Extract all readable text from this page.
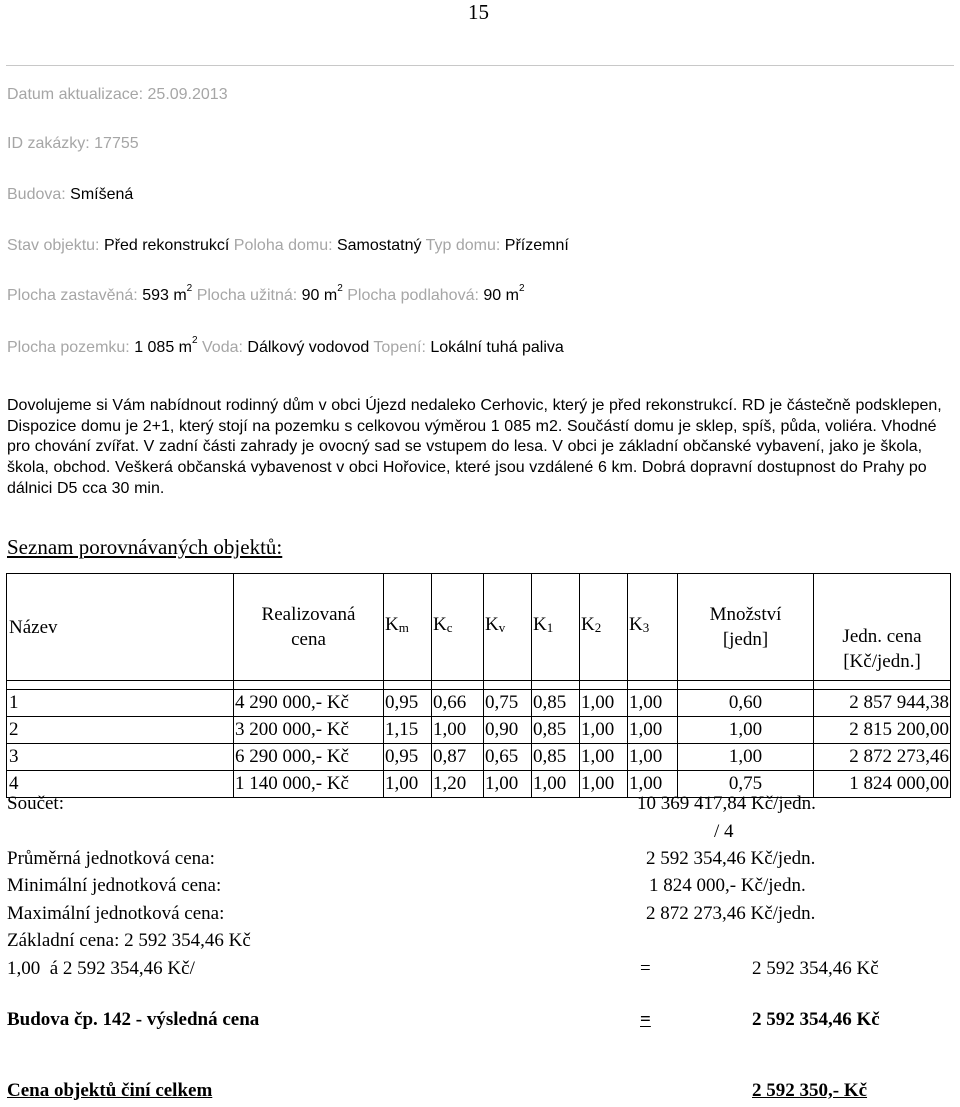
15
Datum aktualizace: 25.09.2013
ID zakázky: 17755
Budova: Smíšená
Stav objektu: Před rekonstrukcí Poloha domu: Samostatný Typ domu: Přízemní
Plocha zastavěná: 593 $m^2$ Plocha užitná: 90 $m^2$ Plocha podlahová: 90 $m^2$
Plocha pozemku: 1 085 $m^2$ Voda: Dálkový vodovod Topení: Lokální tuhá paliva
Dovolujeme si Vám nabídnout rodinný dům v obci Újezd nedaleko Cerhovic, který je před rekonstrukcí. RD je částečně podsklepen, Dispozice domu je 2+1, který stojí na pozemku s celkovou výměrou 1 085 m2. Součástí domu je sklep, spíš, půda, voliéra. Vhodné pro chování zvířat. V zadní části zahrady je ovocný sad se vstupem do lesa. V obci je základní občanské vybavení, jako je škola, škola, obchod. Veškerá občanská vybavenost v obci Hořovice, které jsou vzdálené 6 km. Dobrá dopravní dostupnost do Prahy po dálnici D5 cca 30 min.
Seznam porovnávaných objektů:
Název	Realizovaná
cena	$K_m$	$K_c$	$K_v$	$K_1$	$K_2$	$K_3$	Množství
[jedn]	Jedn. cena
[Kč/jedn.]

1	4 290 000,- Kč	0,95	0,66	0,75	0,85	1,00	1,00	0,60	2 857 944,38
2	3 200 000,- Kč	1,15	1,00	0,90	0,85	1,00	1,00	1,00	2 815 200,00
3	6 290 000,- Kč	0,95	0,87	0,65	0,85	1,00	1,00	1,00	2 872 273,46
4	1 140 000,- Kč	1,00	1,20	1,00	1,00	1,00	1,00	0,75	1 824 000,00
Součet:	10 369 417,84 Kč/jedn.
/ 4
Průměrná jednotková cena:	2 592 354,46 Kč/jedn.
Minimální jednotková cena:	1 824 000,- Kč/jedn.
Maximální jednotková cena:	2 872 273,46 Kč/jedn.
Základní cena: 2 592 354,46 Kč
1,00  á 2 592 354,46 Kč/	=	2 592 354,46 Kč
Budova čp. 142 - výsledná cena	=	2 592 354,46 Kč
Cena objektů činí celkem	2 592 350,- Kč
